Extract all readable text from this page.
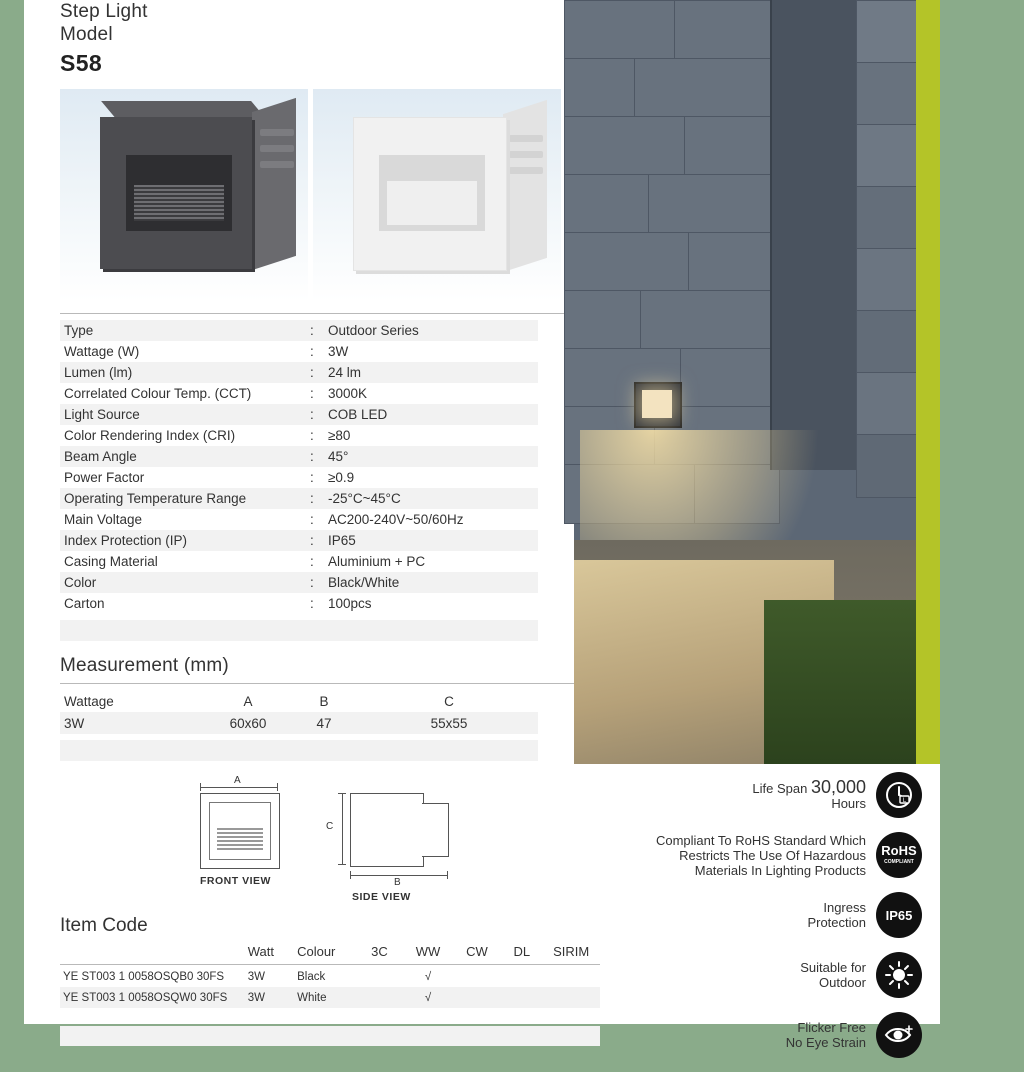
Step Light
Model
S58
Type	:	Outdoor Series
Wattage (W)	:	3W
Lumen (lm)	:	24 lm
Correlated Colour Temp. (CCT)	:	3000K
Light Source	:	COB LED
Color Rendering Index (CRI)	:	≥80
Beam Angle	:	45°
Power Factor	:	≥0.9
Operating Temperature Range	:	-25°C~45°C
Main Voltage	:	AC200-240V~50/60Hz
Index Protection (IP)	:	IP65
Casing Material	:	Aluminium + PC
Color	:	Black/White
Carton	:	100pcs
Measurement (mm)
Wattage	A	B	C
3W	60x60	47	55x55
A
FRONT VIEW
C
B
SIDE VIEW
Item Code
	Watt	Colour	3C	WW	CW	DL	SIRIM

YE ST003 1 0058OSQB0 30FS	3W	Black		√			
YE ST003 1 0058OSQW0 30FS	3W	White		√			

Life Span 30,000
Hours	L
Compliant To RoHS Standard Which
Restricts The Use Of Hazardous
Materials In Lighting Products
RoHS
COMPLIANT
Ingress
Protection IP65
Suitable for
Outdoor
Flicker Free
No Eye Strain
